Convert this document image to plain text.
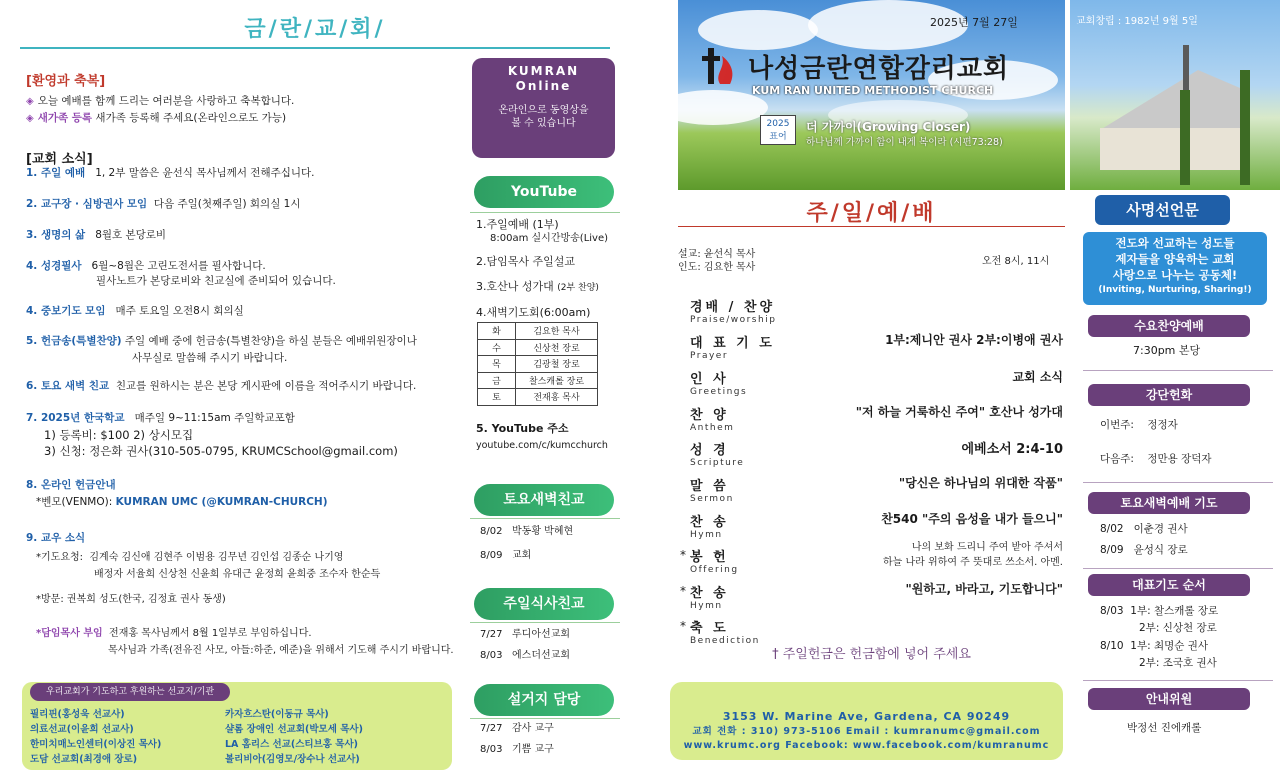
금/란/교/회/
[환영과 축복]
◈ 오늘 예배를 함께 드리는 여러분을 사랑하고 축복합니다.
◈ 새가족 등록 새가족 등록해 주세요(온라인으로도 가능)
[교회 소식]
1. 주일 예배 1, 2부 말씀은 윤선식 목사님께서 전해주십니다.
2. 교구장 · 심방권사 모임 다음 주일(첫째주일) 회의실 1시
3. 생명의 삶 8월호 본당로비
4. 성경필사 6월~8월은 고린도전서를 필사합니다.
필사노트가 본당로비와 친교실에 준비되어 있습니다.
4. 중보기도 모임 매주 토요일 오전8시 회의실
5. 헌금송(특별찬양) 주일 예배 중에 헌금송(특별찬양)을 하실 분들은 예배위원장이나
사무실로 말씀해 주시기 바랍니다.
6. 토요 새벽 친교 친교를 원하시는 분은 본당 게시판에 이름을 적어주시기 바랍니다.
7. 2025년 한국학교 매주일 9~11:15am 주일학교포함
1) 등록비: $100 2) 상시모집
3) 신청: 정은화 권사(310-505-0795, KRUMCSchool@gmail.com)
8. 온라인 헌금안내
*벤모(VENMO): KUMRAN UMC (@KUMRAN-CHURCH)
9. 교우 소식
*기도요청: 김계숙 김신애 김현주 이범용 김무년 김인섭 김종순 나기영
배정자 서율희 신상천 신윤희 유대근 윤정희 윤희중 조수자 한순득
*방문: 권복희 성도(한국, 김정효 권사 동생)
*담임목사 부임 전재홍 목사님께서 8월 1일부로 부임하십니다.
목사님과 가족(전유진 사모, 아들:하준, 예준)을 위해서 기도해 주시기 바랍니다.
우리교회가 기도하고 후원하는 선교지/기관
필리핀(홍성욱 선교사)	카자흐스탄(이동규 목사)
의료선교(이윤희 선교사)	샬롬 장애인 선교회(박모세 목사)
한미치매노인센터(이상진 목사)	LA 홈리스 선교(스티브홍 목사)
도담 선교회(최경애 장로)	볼리비아(김영모/장수나 선교사)
KUMRAN Online
온라인으로 동영상을 볼 수 있습니다
YouTube
1.주일예배 (1부)
8:00am 실시간방송(Live)
2.담임목사 주일설교
3.호산나 성가대 (2부 찬양)
4.새벽기도회(6:00am)
화	김요한 목사
수	신상천 장로
목	김광철 장로
금	찰스캐롤 장로
토	전재홍 목사
5. YouTube 주소
youtube.com/c/kumcchurch
토요새벽친교
8/02 박동황 박혜현
8/09 교회
주일식사친교
7/27 루디아선교회
8/03 에스더선교회
설거지 담당
7/27 감사 교구
8/03 기쁨 교구
2025년 7월 27일
나성금란연합감리교회
KUM RAN UNITED METHODIST CHURCH
2025 표어
더 가까이(Growing Closer)
하나님께 가까이 함이 내게 복이라 (시편73:28)
주/일/예/배
설교: 윤선식 목사
인도: 김요한 목사
오전 8시, 11시
경배 / 찬양
Praise/worship
대 표 기 도
Prayer
1부:제니안 권사 2부:이병애 권사
인 사
Greetings
교회 소식
찬 양
Anthem
"저 하늘 거룩하신 주여" 호산나 성가대
성 경
Scripture
에베소서 2:4-10
말 씀
Sermon
"당신은 하나님의 위대한 작품"
찬 송
Hymn
찬540 "주의 음성을 내가 들으니"
* 봉 헌
Offering
나의 보화 드리니 주여 받아 주셔서
하늘 나라 위하여 주 뜻대로 쓰소서. 아멘.
* 찬 송
Hymn
"원하고, 바라고, 기도합니다"
* 축 도
Benediction
† 주일헌금은 헌금함에 넣어 주세요
3153 W. Marine Ave, Gardena, CA 90249
교회 전화 : 310) 973-5106 Email : kumranumc@gmail.com
www.krumc.org Facebook: www.facebook.com/kumranumc
교회창립 : 1982년 9월 5일
사명선언문
전도와 선교하는 성도들
제자들을 양육하는 교회
사랑으로 나누는 공동체!
(Inviting, Nurturing, Sharing!)
수요찬양예배
7:30pm 본당
강단헌화
이번주: 정정자
다음주: 정만용 장덕자
토요새벽예배 기도
8/02 이춘경 권사
8/09 윤성식 장로
대표기도 순서
8/03 1부: 찰스캐롤 장로
2부: 신상천 장로
8/10 1부: 최명순 권사
2부: 조국호 권사
안내위원
박정선 진에캐롤
